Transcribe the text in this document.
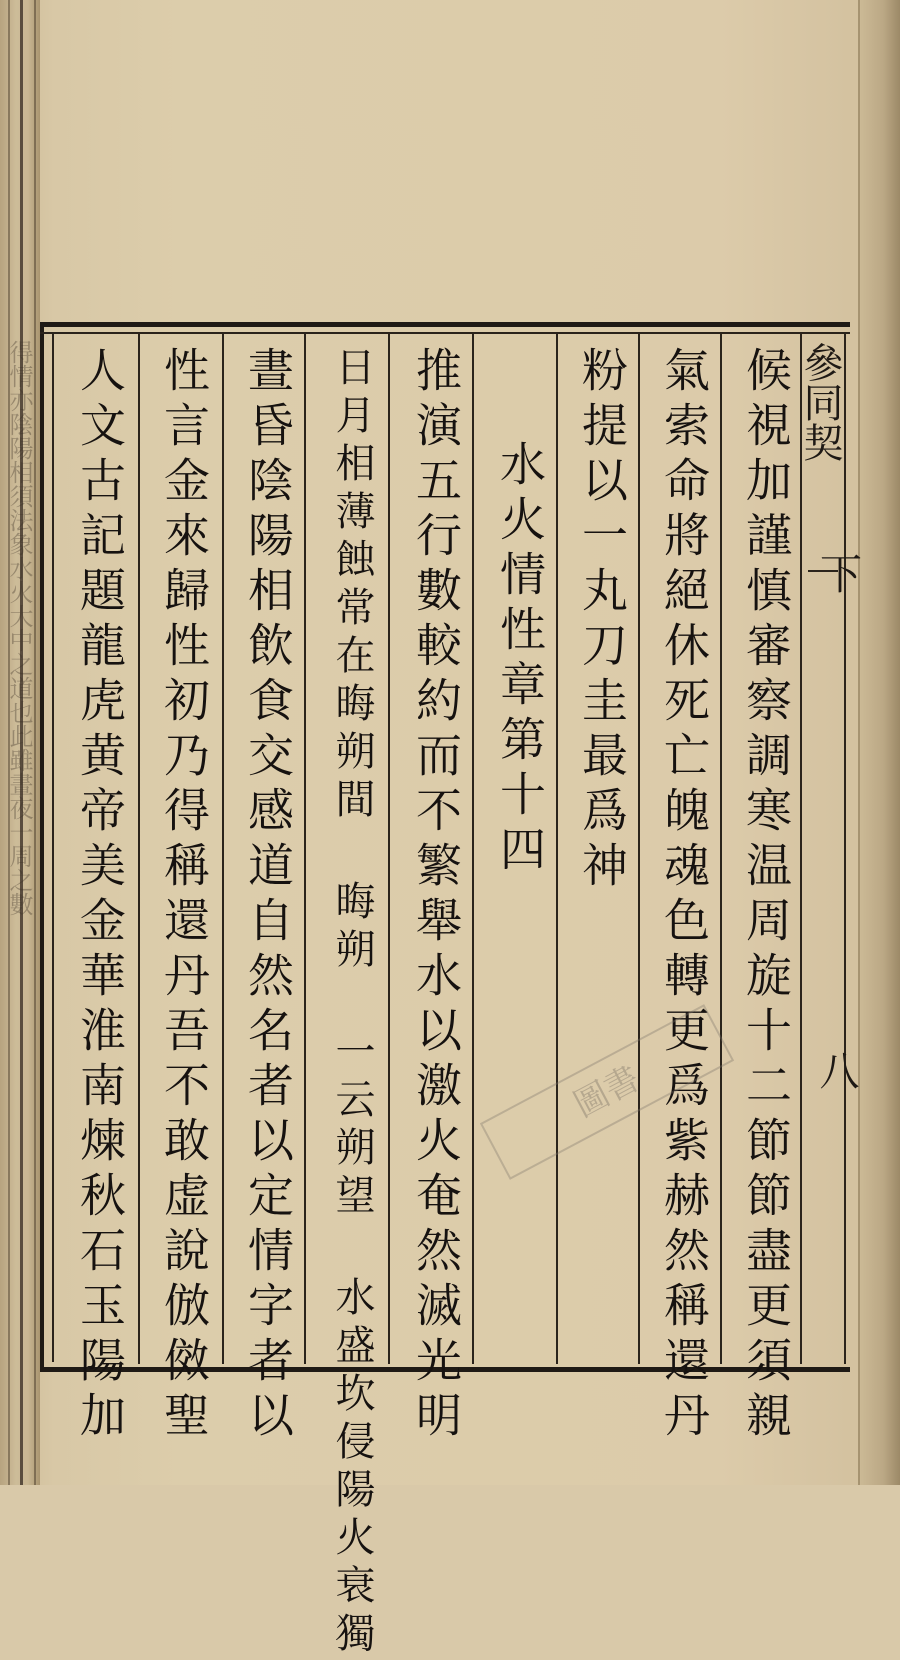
得情亦陰陽相須法象水火大中之道也此雖晝夜一周之數	參同契
下
八
候視加謹慎審察調寒温周旋十二節節盡更須親
氣索命將絕休死亡魄魂色轉更爲紫赫然稱還丹
粉提以一丸刀圭最爲神
水火情性章第十四
推演五行數較約而不繁舉水以激火奄然滅光明
日月相薄蝕常在晦朔間 晦朔 一云朔望 水盛坎侵陽火衰獨
晝昏陰陽相飲食交感道自然名者以定情字者以
性言金來歸性初乃得稱還丹吾不敢虚說倣傚聖
人文古記題龍虎黄帝美金華淮南煉秋石玉陽加	圖書
